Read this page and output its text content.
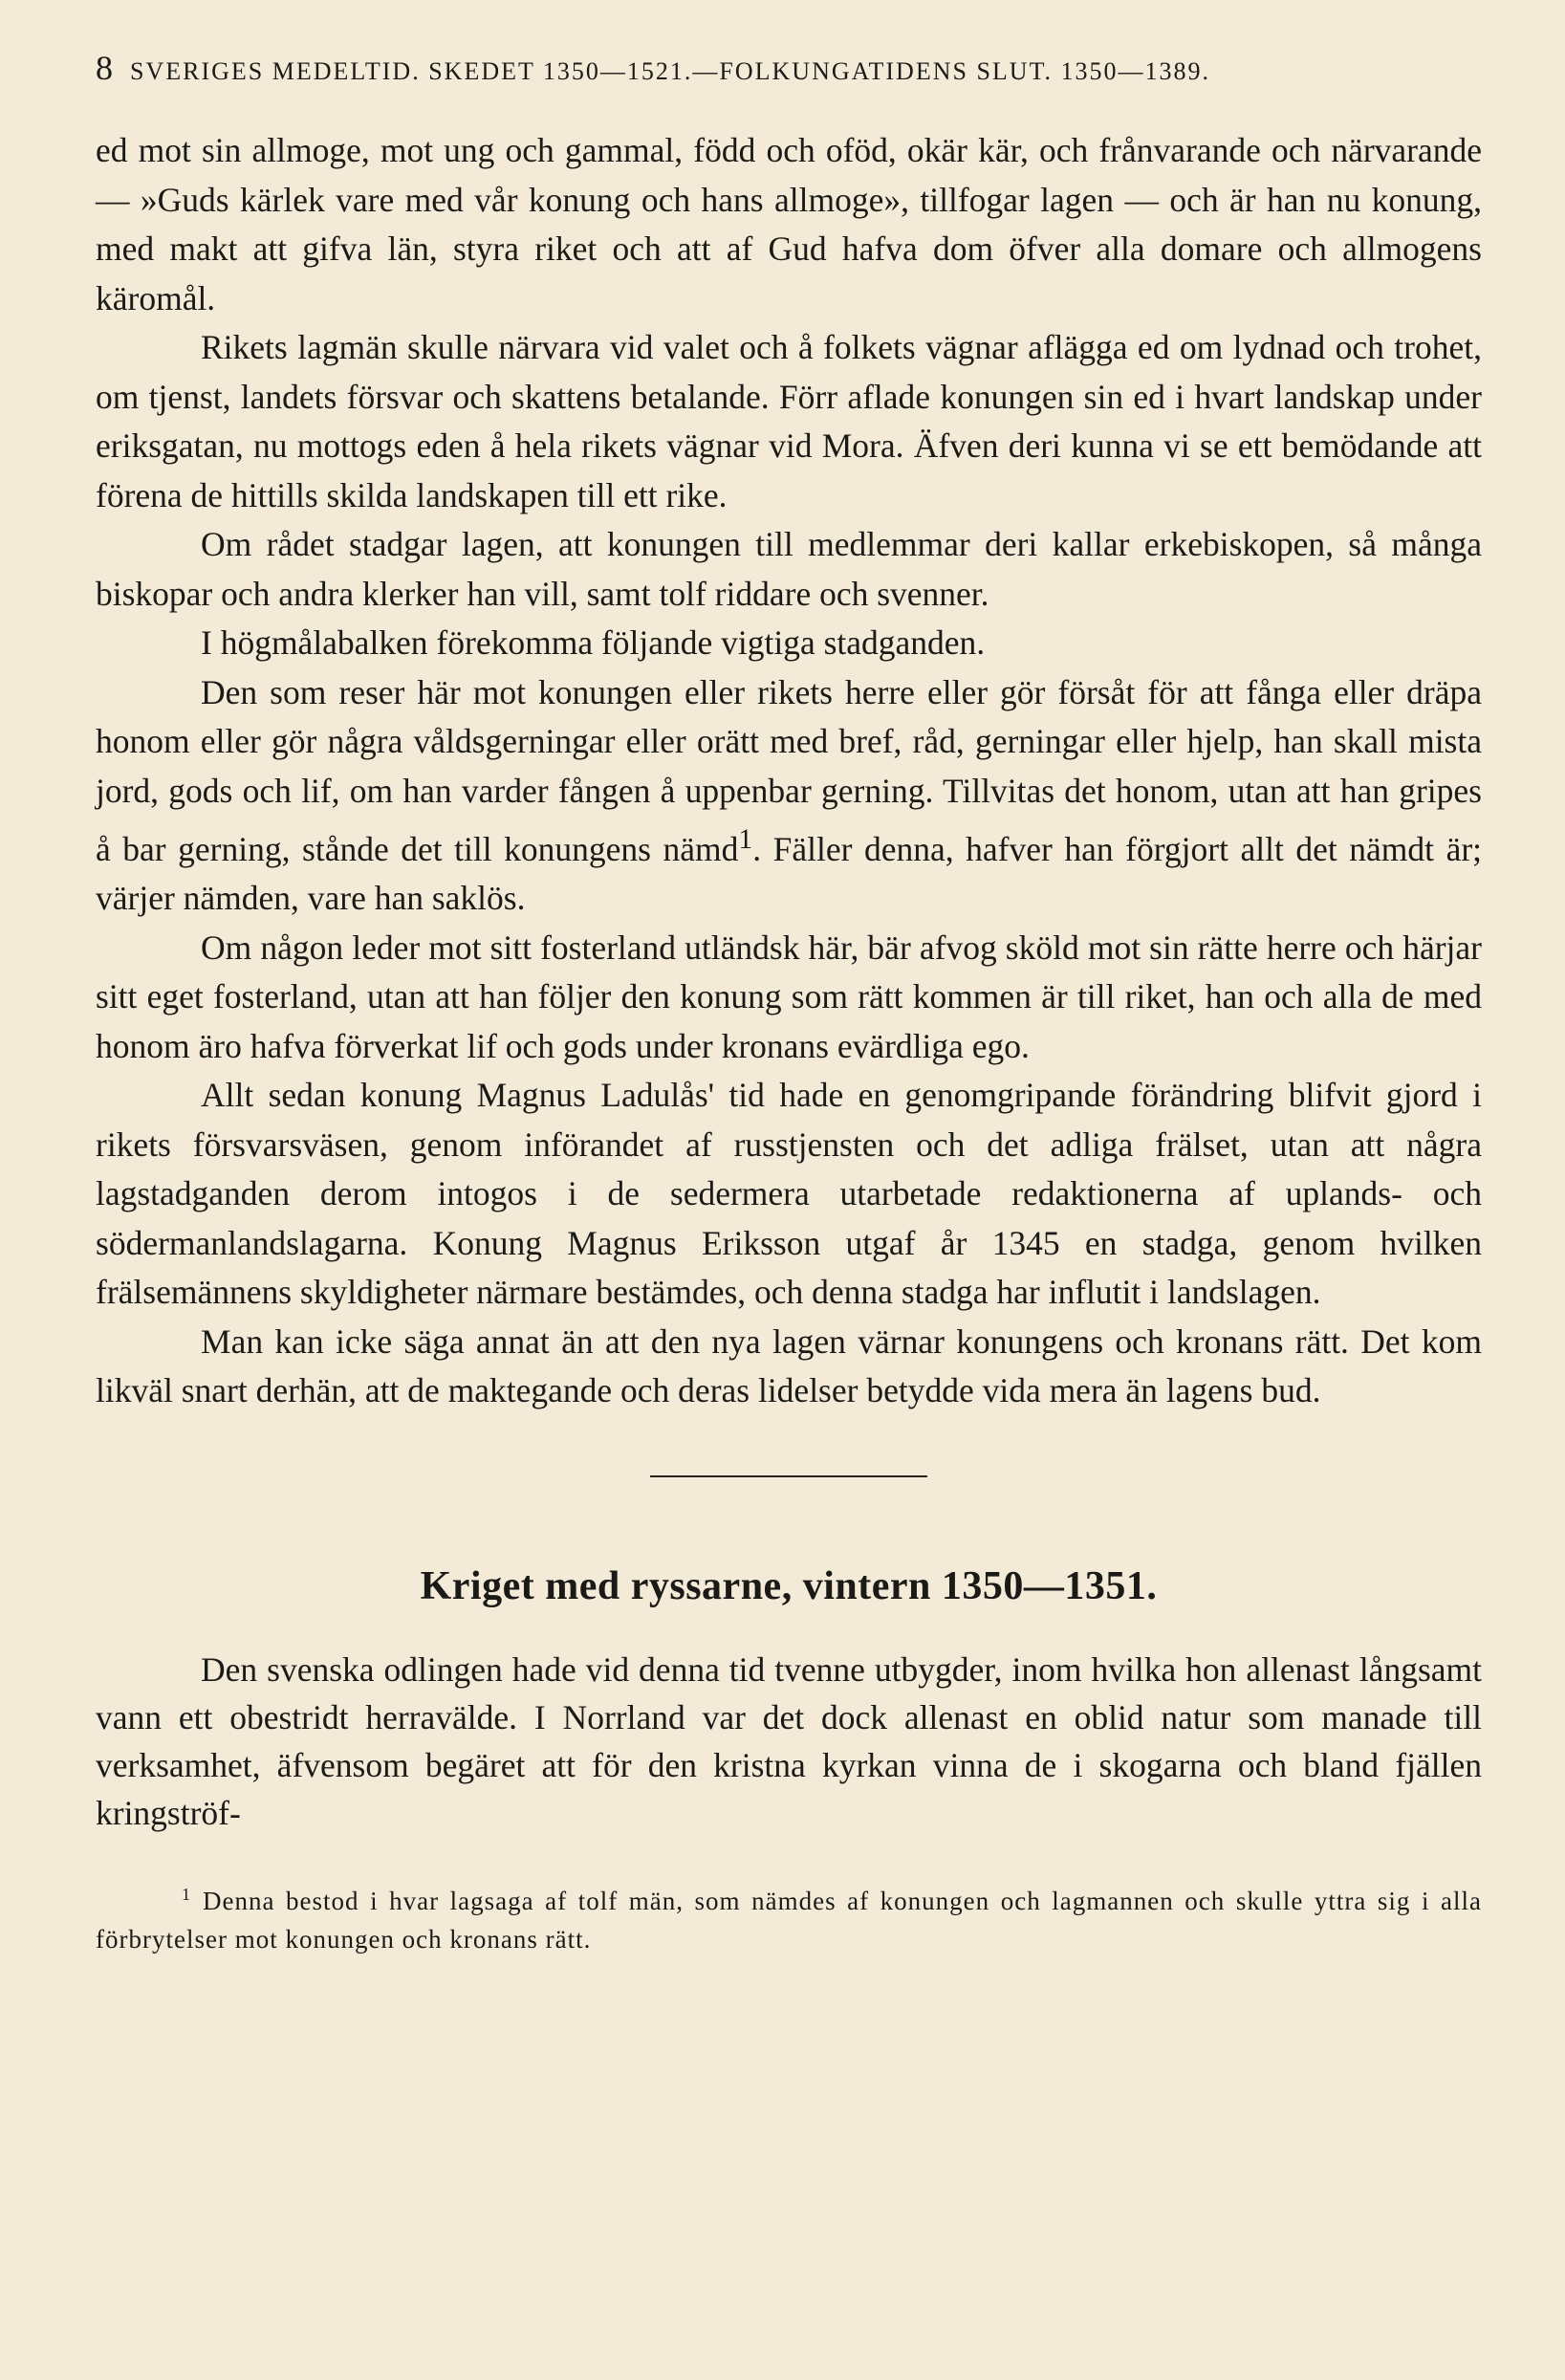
8 SVERIGES MEDELTID. SKEDET 1350—1521.—FOLKUNGATIDENS SLUT. 1350—1389.

ed mot sin allmoge, mot ung och gammal, född och oföd, okär kär, och frånvarande och närvarande — »Guds kärlek vare med vår konung och hans allmoge», tillfogar lagen — och är han nu konung, med makt att gifva län, styra riket och att af Gud hafva dom öfver alla domare och allmogens käromål.

Rikets lagmän skulle närvara vid valet och å folkets vägnar aflägga ed om lydnad och trohet, om tjenst, landets försvar och skattens betalande. Förr aflade konungen sin ed i hvart landskap under eriksgatan, nu mottogs eden å hela rikets vägnar vid Mora. Äfven deri kunna vi se ett bemödande att förena de hittills skilda landskapen till ett rike.

Om rådet stadgar lagen, att konungen till medlemmar deri kallar erkebiskopen, så många biskopar och andra klerker han vill, samt tolf riddare och svenner.

I högmålabalken förekomma följande vigtiga stadganden.

Den som reser här mot konungen eller rikets herre eller gör försåt för att fånga eller dräpa honom eller gör några våldsgerningar eller orätt med bref, råd, gerningar eller hjelp, han skall mista jord, gods och lif, om han varder fången å uppenbar gerning. Tillvitas det honom, utan att han gripes å bar gerning, stånde det till konungens nämd$^1$. Fäller denna, hafver han förgjort allt det nämdt är; värjer nämden, vare han saklös.

Om någon leder mot sitt fosterland utländsk här, bär afvog sköld mot sin rätte herre och härjar sitt eget fosterland, utan att han följer den konung som rätt kommen är till riket, han och alla de med honom äro hafva förverkat lif och gods under kronans evärdliga ego.

Allt sedan konung Magnus Ladulås' tid hade en genomgripande förändring blifvit gjord i rikets försvarsväsen, genom införandet af russtjensten och det adliga frälset, utan att några lagstadganden derom intogos i de sedermera utarbetade redaktionerna af uplands- och södermanlandslagarna. Konung Magnus Eriksson utgaf år 1345 en stadga, genom hvilken frälsemännens skyldigheter närmare bestämdes, och denna stadga har influtit i landslagen.

Man kan icke säga annat än att den nya lagen värnar konungens och kronans rätt. Det kom likväl snart derhän, att de maktegande och deras lidelser betydde vida mera än lagens bud.

Kriget med ryssarne, vintern 1350—1351.

Den svenska odlingen hade vid denna tid tvenne utbygder, inom hvilka hon allenast långsamt vann ett obestridt herravälde. I Norrland var det dock allenast en oblid natur som manade till verksamhet, äfvensom begäret att för den kristna kyrkan vinna de i skogarna och bland fjällen kringströf-

$^1$ Denna bestod i hvar lagsaga af tolf män, som nämdes af konungen och lagmannen och skulle yttra sig i alla förbrytelser mot konungen och kronans rätt.
